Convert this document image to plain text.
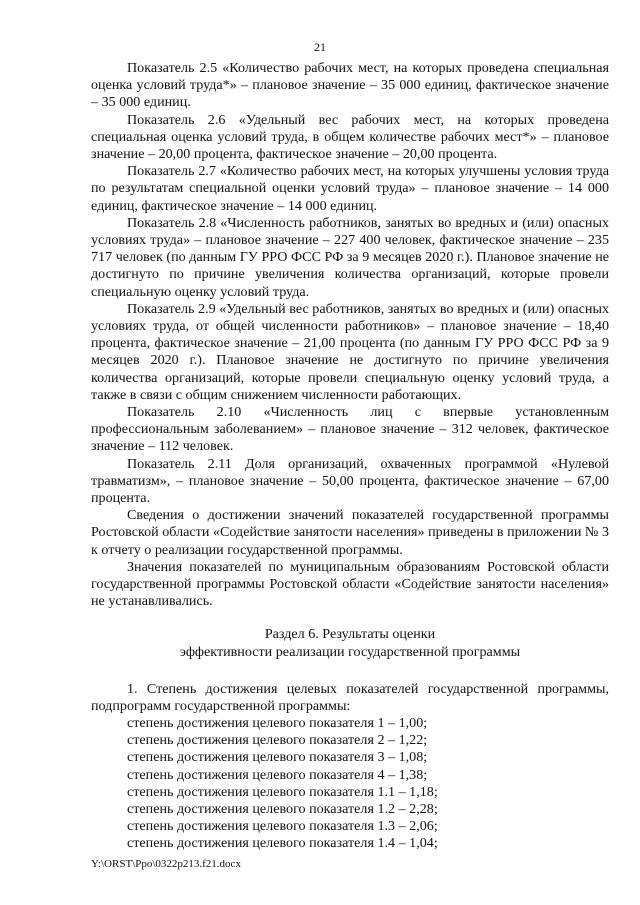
21

Показатель 2.5 «Количество рабочих мест, на которых проведена специальная оценка условий труда*» – плановое значение – 35 000 единиц, фактическое значение – 35 000 единиц.

Показатель 2.6 «Удельный вес рабочих мест, на которых проведена специальная оценка условий труда, в общем количестве рабочих мест*» – плановое значение – 20,00 процента, фактическое значение – 20,00 процента.

Показатель 2.7 «Количество рабочих мест, на которых улучшены условия труда по результатам специальной оценки условий труда» – плановое значение – 14 000 единиц, фактическое значение – 14 000 единиц.

Показатель 2.8 «Численность работников, занятых во вредных и (или) опасных условиях труда» – плановое значение – 227 400 человек, фактическое значение – 235 717 человек (по данным ГУ РРО ФСС РФ за 9 месяцев 2020 г.). Плановое значение не достигнуто по причине увеличения количества организаций, которые провели специальную оценку условий труда.

Показатель 2.9 «Удельный вес работников, занятых во вредных и (или) опасных условиях труда, от общей численности работников» – плановое значение – 18,40 процента, фактическое значение – 21,00 процента (по данным ГУ РРО ФСС РФ за 9 месяцев 2020 г.). Плановое значение не достигнуто по причине увеличения количества организаций, которые провели специальную оценку условий труда, а также в связи с общим снижением численности работающих.

Показатель 2.10 «Численность лиц с впервые установленным профессиональным заболеванием» – плановое значение – 312 человек, фактическое значение – 112 человек.

Показатель 2.11 Доля организаций, охваченных программой «Нулевой травматизм», – плановое значение – 50,00 процента, фактическое значение – 67,00 процента.

Сведения о достижении значений показателей государственной программы Ростовской области «Содействие занятости населения» приведены в приложении № 3 к отчету о реализации государственной программы.

Значения показателей по муниципальным образованиям Ростовской области государственной программы Ростовской области «Содействие занятости населения» не устанавливались.

Раздел 6. Результаты оценки
эффективности реализации государственной программы

1. Степень достижения целевых показателей государственной программы, подпрограмм государственной программы:

степень достижения целевого показателя 1 – 1,00;
степень достижения целевого показателя 2 – 1,22;
степень достижения целевого показателя 3 – 1,08;
степень достижения целевого показателя 4 – 1,38;
степень достижения целевого показателя 1.1 – 1,18;
степень достижения целевого показателя 1.2 – 2,28;
степень достижения целевого показателя 1.3 – 2,06;
степень достижения целевого показателя 1.4 – 1,04;
Y:\ORST\Ppo\0322p213.f21.docx
